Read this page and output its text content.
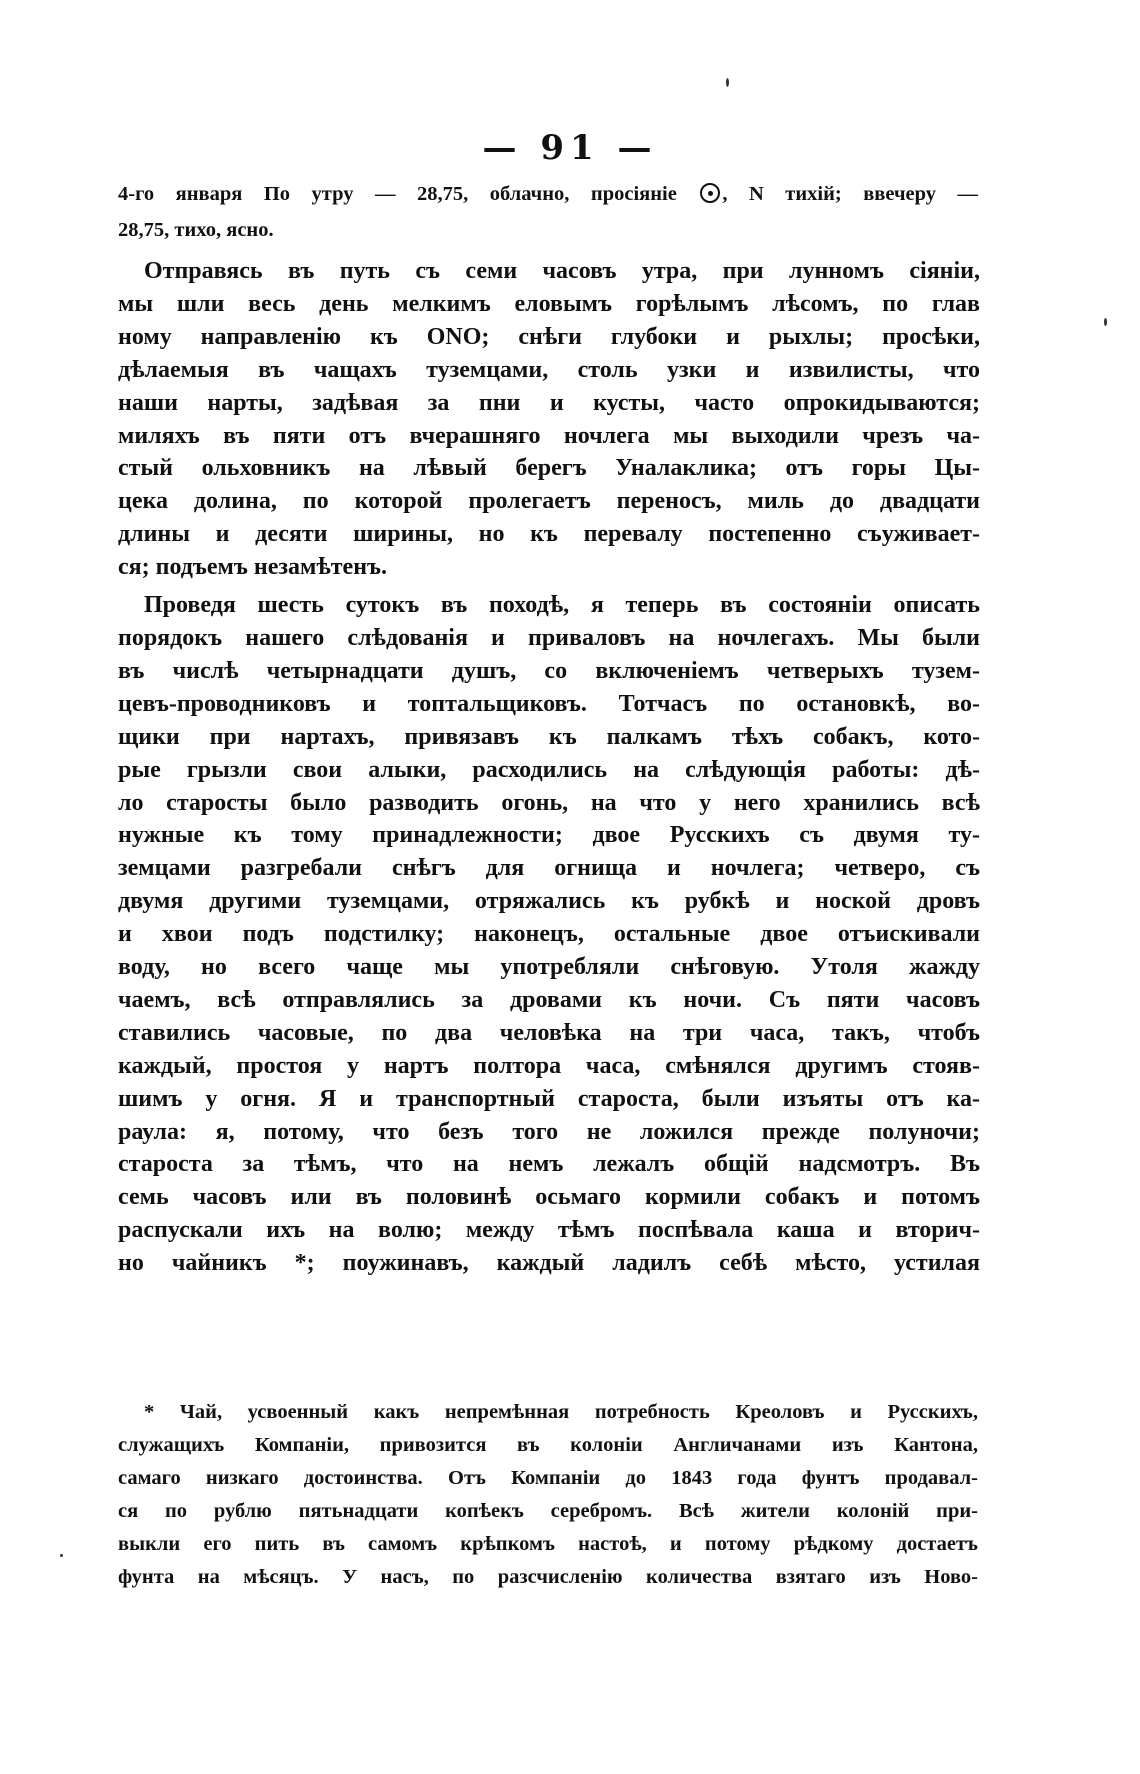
— 91 —
4-го января По утру — 28,75, облачно, просіяніе , N тихій; ввечеру —
28,75, тихо, ясно.

Отправясь въ путь съ семи часовъ утра, при лунномъ сіяніи,
мы шли весь день мелкимъ еловымъ горѣлымъ лѣсомъ, по глав
ному направленію къ ONO; снѣги глубоки и рыхлы; просѣки,
дѣлаемыя въ чащахъ туземцами, столь узки и извилисты, что
наши нарты, задѣвая за пни и кусты, часто опрокидываются;
миляхъ въ пяти отъ вчерашняго ночлега мы выходили чрезъ ча-
стый ольховникъ на лѣвый берегъ Уналаклика; отъ горы Цы-
цека долина, по которой пролегаетъ переносъ, миль до двадцати
длины и десяти ширины, но къ перевалу постепенно съуживает-
ся; подъемъ незамѣтенъ.

Проведя шесть сутокъ въ походѣ, я теперь въ состояніи описать
порядокъ нашего слѣдованія и приваловъ на ночлегахъ. Мы были
въ числѣ четырнадцати душъ, со включеніемъ четверыхъ тузем-
цевъ-проводниковъ и топтальщиковъ. Тотчасъ по остановкѣ, во-
щики при нартахъ, привязавъ къ палкамъ тѣхъ собакъ, кото-
рые грызли свои алыки, расходились на слѣдующія работы: дѣ-
ло старосты было разводить огонь, на что у него хранились всѣ
нужные къ тому принадлежности; двое Русскихъ съ двумя ту-
земцами разгребали снѣгъ для огнища и ночлега; четверо, съ
двумя другими туземцами, отряжались къ рубкѣ и ноской дровъ
и хвои подъ подстилку; наконецъ, остальные двое отъискивали
воду, но всего чаще мы употребляли снѣговую. Утоля жажду
чаемъ, всѣ отправлялись за дровами къ ночи. Съ пяти часовъ
ставились часовые, по два человѣка на три часа, такъ, чтобъ
каждый, простоя у нартъ полтора часа, смѣнялся другимъ стояв-
шимъ у огня. Я и транспортный староста, были изъяты отъ ка-
раула: я, потому, что безъ того не ложился прежде полуночи;
староста за тѣмъ, что на немъ лежалъ общій надсмотръ. Въ
семь часовъ или въ половинѣ осьмаго кормили собакъ и потомъ
распускали ихъ на волю; между тѣмъ поспѣвала каша и вторич-
но чайникъ *; поужинавъ, каждый ладилъ себѣ мѣсто, устилая

* Чай, усвоенный какъ непремѣнная потребность Креоловъ и Русскихъ,
служащихъ Компаніи, привозится въ колоніи Англичанами изъ Кантона,
самаго низкаго достоинства. Отъ Компаніи до 1843 года фунтъ продавал-
ся по рублю пятьнадцати копѣекъ серебромъ. Всѣ жители колоній при-
выкли его пить въ самомъ крѣпкомъ настоѣ, и потому рѣдкому достаетъ
фунта на мѣсяцъ. У насъ, по разсчисленію количества взятаго изъ Ново-
